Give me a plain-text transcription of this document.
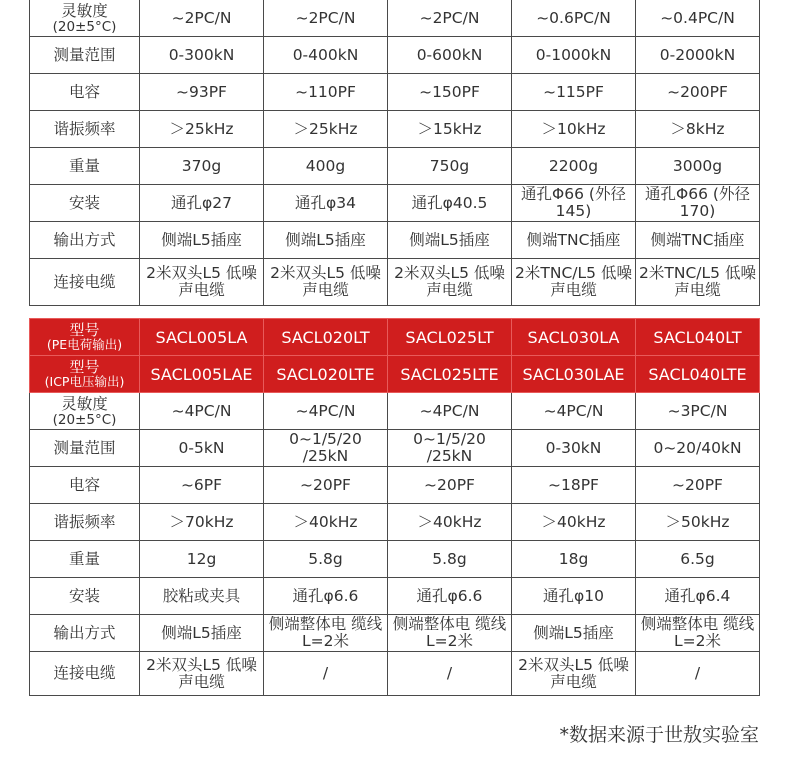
灵敏度
(20±5°C)	~2PC/N	~2PC/N	~2PC/N	~0.6PC/N	~0.4PC/N
测量范围	0-300kN	0-400kN	0-600kN	0-1000kN	0-2000kN
电容	~93PF	~110PF	~150PF	~115PF	~200PF
谐振频率	＞25kHz	＞25kHz	＞15kHz	＞10kHz	＞8kHz
重量	370g	400g	750g	2200g	3000g
安装	通孔φ27	通孔φ34	通孔φ40.5	通孔Φ66 (外径145)	通孔Φ66 (外径170)
输出方式	侧端L5插座	侧端L5插座	侧端L5插座	侧端TNC插座	侧端TNC插座
连接电缆	2米双头L5 低噪声电缆	2米双头L5 低噪声电缆	2米双头L5 低噪声电缆	2米TNC/L5 低噪声电缆	2米TNC/L5 低噪声电缆
型号
(PE电荷输出)	SACL005LA	SACL020LT	SACL025LT	SACL030LA	SACL040LT
型号
(ICP电压输出)	SACL005LAE	SACL020LTE	SACL025LTE	SACL030LAE	SACL040LTE
灵敏度
(20±5°C)	~4PC/N	~4PC/N	~4PC/N	~4PC/N	~3PC/N
测量范围	0-5kN	0~1/5/20 /25kN	0~1/5/20 /25kN	0-30kN	0~20/40kN
电容	~6PF	~20PF	~20PF	~18PF	~20PF
谐振频率	＞70kHz	＞40kHz	＞40kHz	＞40kHz	＞50kHz
重量	12g	5.8g	5.8g	18g	6.5g
安装	胶粘或夹具	通孔φ6.6	通孔φ6.6	通孔φ10	通孔φ6.4
输出方式	侧端L5插座	侧端整体电 缆线L=2米	侧端整体电 缆线L=2米	侧端L5插座	侧端整体电 缆线L=2米
连接电缆	2米双头L5 低噪声电缆	/	/	2米双头L5 低噪声电缆	/
*数据来源于世敖实验室
